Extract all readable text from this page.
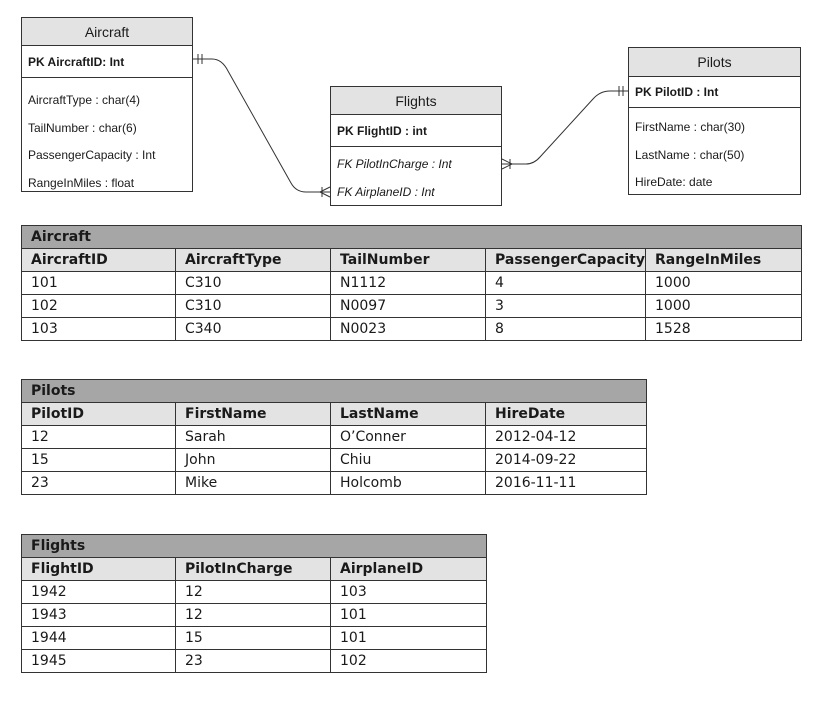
Aircraft
PK AircraftID: Int
AircraftType : char(4)
TailNumber : char(6)
PassengerCapacity : Int
RangeInMiles : float
Flights
PK FlightID : int
FK PilotInCharge : Int
FK AirplaneID : Int
Pilots
PK PilotID : Int
FirstName : char(30)
LastName : char(50)
HireDate: date
Aircraft				
AircraftID	AircraftType	TailNumber	PassengerCapacity	RangeInMiles
101	C310	N1112	4	1000
102	C310	N0097	3	1000
103	C340	N0023	8	1528
Pilots			
PilotID	FirstName	LastName	HireDate
12	Sarah	O’Conner	2012-04-12
15	John	Chiu	2014-09-22
23	Mike	Holcomb	2016-11-11
Flights		
FlightID	PilotInCharge	AirplaneID
1942	12	103
1943	12	101
1944	15	101
1945	23	102
